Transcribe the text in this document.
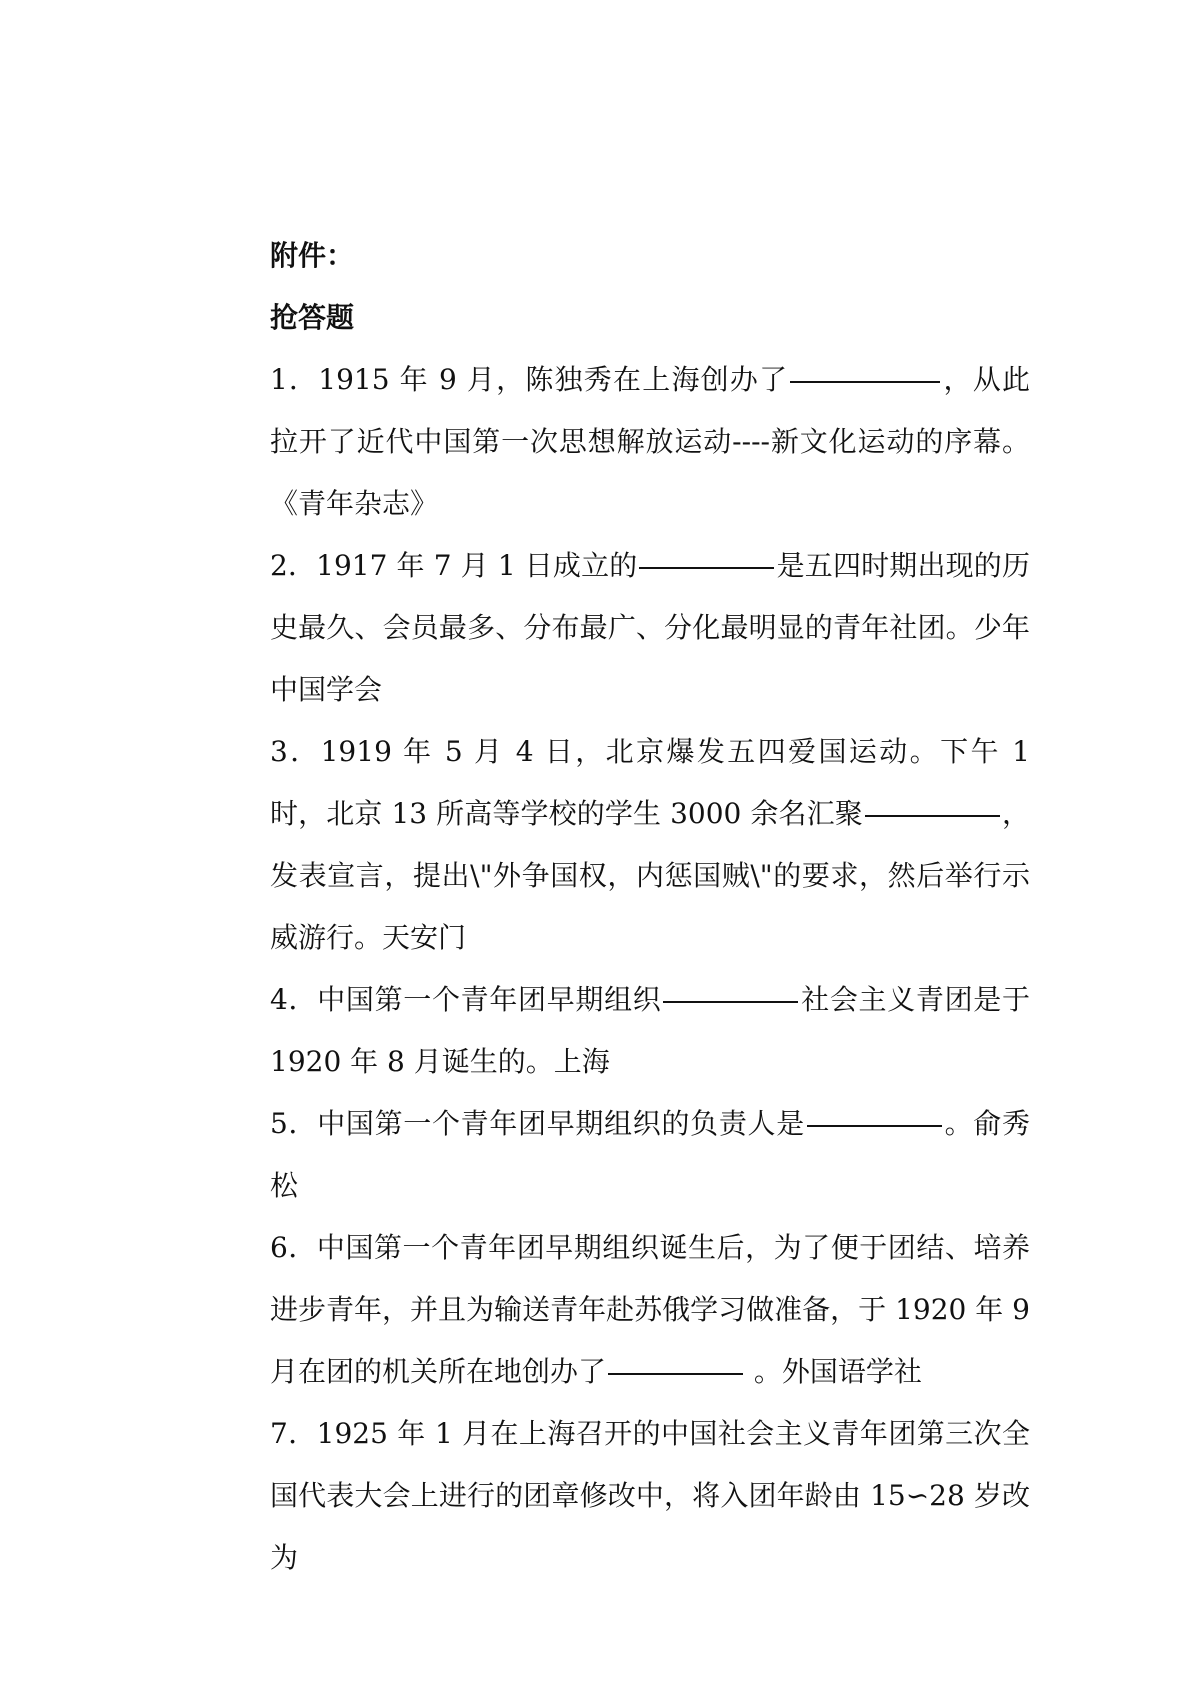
附件：

抢答题

1．1915 年 9 月，陈独秀在上海创办了	，从此拉开了近代中国第一次思想解放运动----新文化运动的序幕。《青年杂志》

2．1917 年 7 月 1 日成立的	是五四时期出现的历史最久、会员最多、分布最广、分化最明显的青年社团。少年中国学会

3．1919 年 5 月 4 日，北京爆发五四爱国运动。下午 1 时，北京 13 所高等学校的学生 3000 余名汇聚	，发表宣言，提出\"外争国权，内惩国贼\"的要求，然后举行示威游行。天安门

4．中国第一个青年团早期组织	社会主义青团是于 1920 年 8 月诞生的。上海

5．中国第一个青年团早期组织的负责人是	。俞秀松

6．中国第一个青年团早期组织诞生后，为了便于团结、培养进步青年，并且为输送青年赴苏俄学习做准备，于 1920 年 9 月在团的机关所在地创办了	。外国语学社

7．1925 年 1 月在上海召开的中国社会主义青年团第三次全国代表大会上进行的团章修改中，将入团年龄由 15∽28 岁改为
